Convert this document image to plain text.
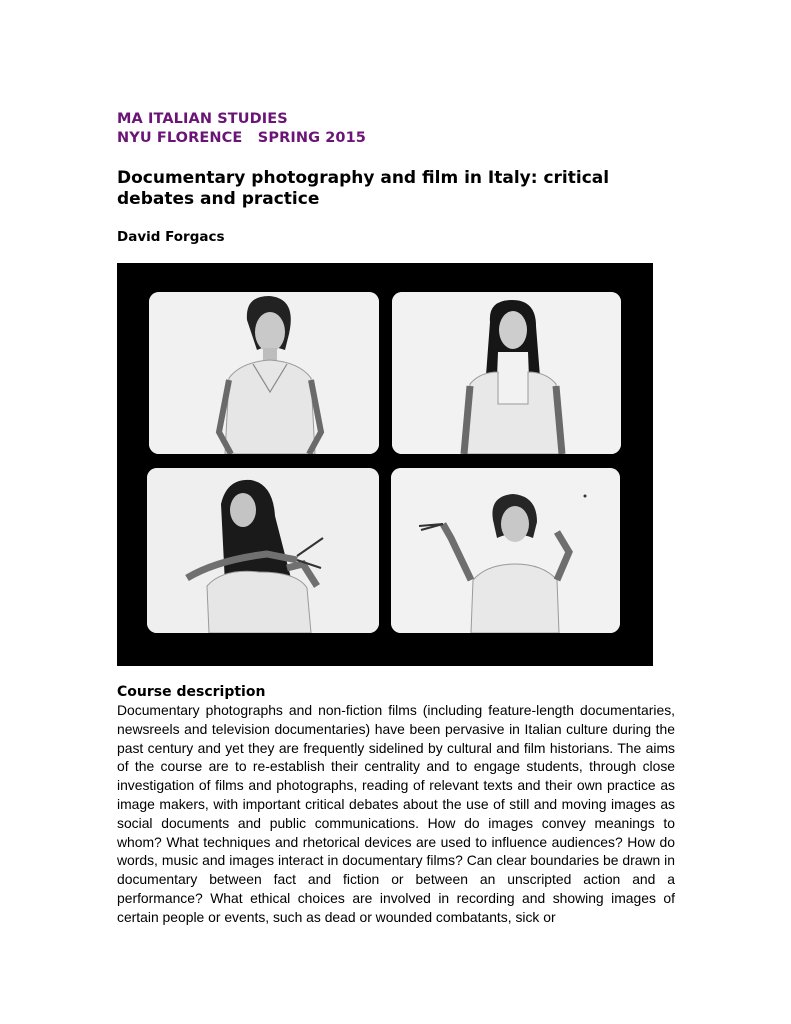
MA ITALIAN STUDIES
NYU FLORENCE   SPRING 2015
Documentary photography and film in Italy: critical debates and practice

David Forgacs

Course description

Documentary photographs and non-fiction films (including feature-length documentaries, newsreels and television documentaries) have been pervasive in Italian culture during the past century and yet they are frequently sidelined by cultural and film historians. The aims of the course are to re-establish their centrality and to engage students, through close investigation of films and photographs, reading of relevant texts and their own practice as image makers, with important critical debates about the use of still and moving images as social documents and public communications. How do images convey meanings to whom? What techniques and rhetorical devices are used to influence audiences? How do words, music and images interact in documentary films? Can clear boundaries be drawn in documentary between fact and fiction or between an unscripted action and a performance? What ethical choices are involved in recording and showing images of certain people or events, such as dead or wounded combatants, sick or
